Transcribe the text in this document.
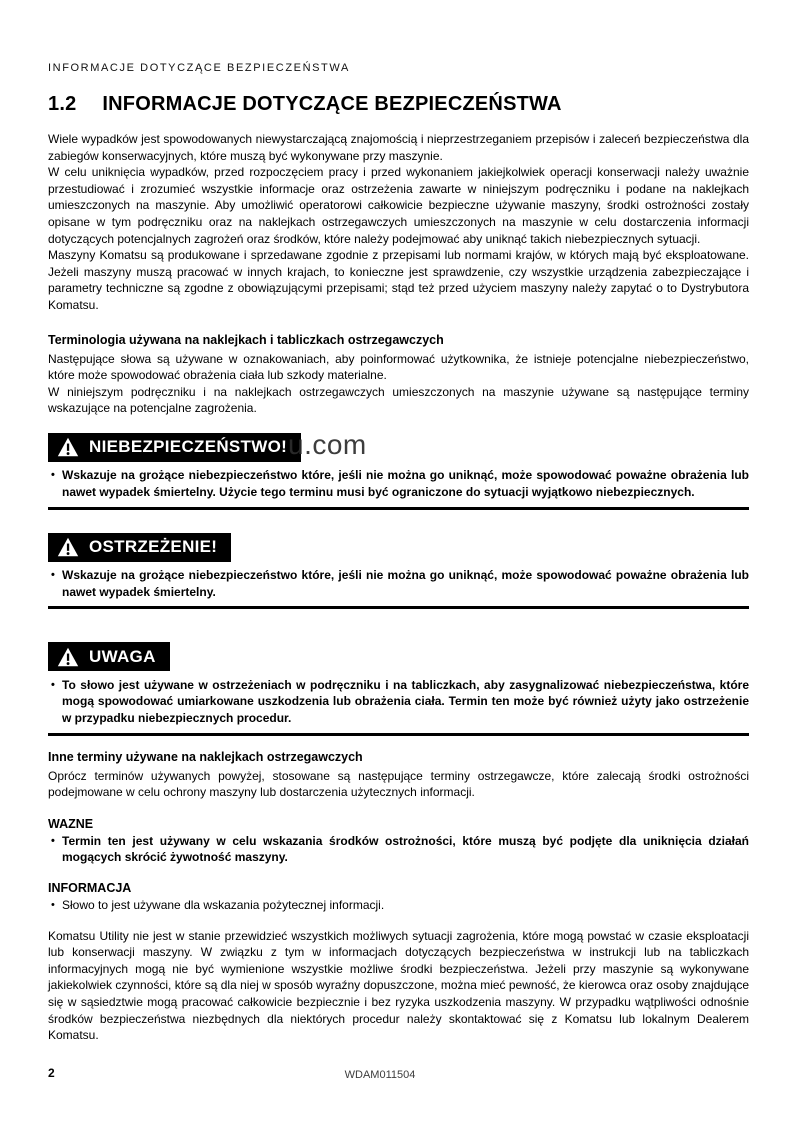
INFORMACJE DOTYCZĄCE BEZPIECZEŃSTWA
1.2 INFORMACJE DOTYCZĄCE BEZPIECZEŃSTWA

Wiele wypadków jest spowodowanych niewystarczającą znajomością i nieprzestrzeganiem przepisów i zaleceń bezpieczeństwa dla zabiegów konserwacyjnych, które muszą być wykonywane przy maszynie.

W celu uniknięcia wypadków, przed rozpoczęciem pracy i przed wykonaniem jakiejkolwiek operacji konserwacji należy uważnie przestudiować i zrozumieć wszystkie informacje oraz ostrzeżenia zawarte w niniejszym podręczniku i podane na naklejkach umieszczonych na maszynie. Aby umożliwić operatorowi całkowicie bezpieczne używanie maszyny, środki ostrożności zostały opisane w tym podręczniku oraz na naklejkach ostrzegawczych umieszczonych na maszynie w celu dostarczenia informacji dotyczących potencjalnych zagrożeń oraz środków, które należy podejmować aby uniknąć takich niebezpiecznych sytuacji.

Maszyny Komatsu są produkowane i sprzedawane zgodnie z przepisami lub normami krajów, w których mają być eksploatowane. Jeżeli maszyny muszą pracować w innych krajach, to konieczne jest sprawdzenie, czy wszystkie urządzenia zabezpieczające i parametry techniczne są zgodne z obowiązującymi przepisami; stąd też przed użyciem maszyny należy zapytać o to Dystrybutora Komatsu.

Terminologia używana na naklejkach i tabliczkach ostrzegawczych

Następujące słowa są używane w oznakowaniach, aby poinformować użytkownika, że istnieje potencjalne niebezpieczeństwo, które może spowodować obrażenia ciała lub szkody materialne.

W niniejszym podręczniku i na naklejkach ostrzegawczych umieszczonych na maszynie używane są następujące terminy wskazujące na potencjalne zagrożenia.

NIEBEZPIECZEŃSTWO! u.com
• Wskazuje na grożące niebezpieczeństwo które, jeśli nie można go uniknąć, może spowodować poważne obrażenia lub nawet wypadek śmiertelny. Użycie tego terminu musi być ograniczone do sytuacji wyjątkowo niebezpiecznych.
OSTRZEŻENIE!
• Wskazuje na grożące niebezpieczeństwo które, jeśli nie można go uniknąć, może spowodować poważne obrażenia lub nawet wypadek śmiertelny.
UWAGA
• To słowo jest używane w ostrzeżeniach w podręczniku i na tabliczkach, aby zasygnalizować niebezpieczeństwa, które mogą spowodować umiarkowane uszkodzenia lub obrażenia ciała. Termin ten może być również użyty jako ostrzeżenie w przypadku niebezpiecznych procedur.
Inne terminy używane na naklejkach ostrzegawczych

Oprócz terminów używanych powyżej, stosowane są następujące terminy ostrzegawcze, które zalecają środki ostrożności podejmowane w celu ochrony maszyny lub dostarczenia użytecznych informacji.

WAZNE
• Termin ten jest używany w celu wskazania środków ostrożności, które muszą być podjęte dla uniknięcia działań mogących skrócić żywotność maszyny.
INFORMACJA
• Słowo to jest używane dla wskazania pożytecznej informacji.

Komatsu Utility nie jest w stanie przewidzieć wszystkich możliwych sytuacji zagrożenia, które mogą powstać w czasie eksploatacji lub konserwacji maszyny. W związku z tym w informacjach dotyczących bezpieczeństwa w instrukcji lub na tabliczkach informacyjnych mogą nie być wymienione wszystkie możliwe środki bezpieczeństwa. Jeżeli przy maszynie są wykonywane jakiekolwiek czynności, które są dla niej w sposób wyraźny dopuszczone, można mieć pewność, że kierowca oraz osoby znajdujące się w sąsiedztwie mogą pracować całkowicie bezpiecznie i bez ryzyka uszkodzenia maszyny. W przypadku wątpliwości odnośnie środków bezpieczeństwa niezbędnych dla niektórych procedur należy skontaktować się z Komatsu lub lokalnym Dealerem Komatsu.

2	WDAM011504
